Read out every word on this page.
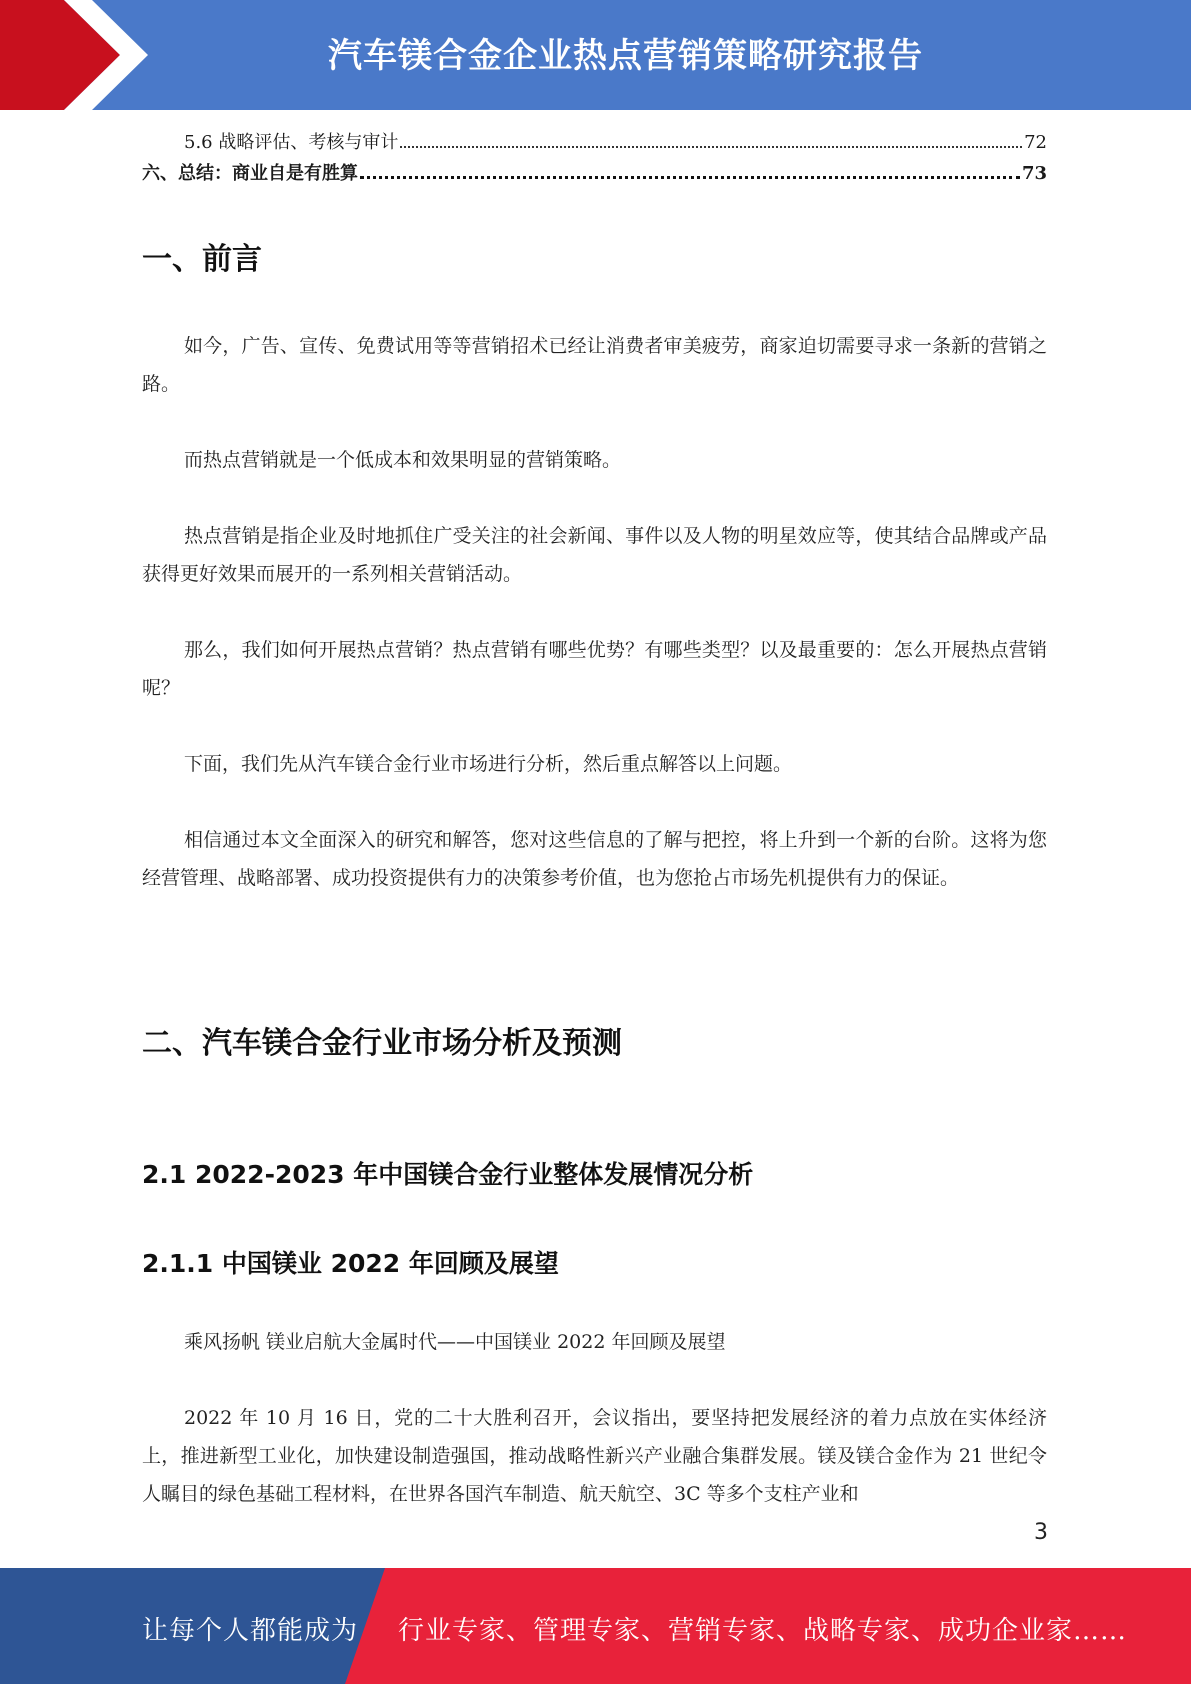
汽车镁合金企业热点营销策略研究报告
5.6 战略评估、考核与审计	72
六、总结：商业自是有胜算	73
一、前言

如今，广告、宣传、免费试用等等营销招术已经让消费者审美疲劳，商家迫切需要寻求一条新的营销之路。

而热点营销就是一个低成本和效果明显的营销策略。

热点营销是指企业及时地抓住广受关注的社会新闻、事件以及人物的明星效应等，使其结合品牌或产品获得更好效果而展开的一系列相关营销活动。

那么，我们如何开展热点营销？热点营销有哪些优势？有哪些类型？以及最重要的：怎么开展热点营销呢？

下面，我们先从汽车镁合金行业市场进行分析，然后重点解答以上问题。

相信通过本文全面深入的研究和解答，您对这些信息的了解与把控，将上升到一个新的台阶。这将为您经营管理、战略部署、成功投资提供有力的决策参考价值，也为您抢占市场先机提供有力的保证。

二、汽车镁合金行业市场分析及预测
2.1 2022-2023 年中国镁合金行业整体发展情况分析
2.1.1 中国镁业 2022 年回顾及展望

乘风扬帆 镁业启航大金属时代——中国镁业 2022 年回顾及展望

2022 年 10 月 16 日，党的二十大胜利召开，会议指出，要坚持把发展经济的着力点放在实体经济上，推进新型工业化，加快建设制造强国，推动战略性新兴产业融合集群发展。镁及镁合金作为 21 世纪令人瞩目的绿色基础工程材料，在世界各国汽车制造、航天航空、3C 等多个支柱产业和

3
让每个人都能成为 行业专家、管理专家、营销专家、战略专家、成功企业家……
